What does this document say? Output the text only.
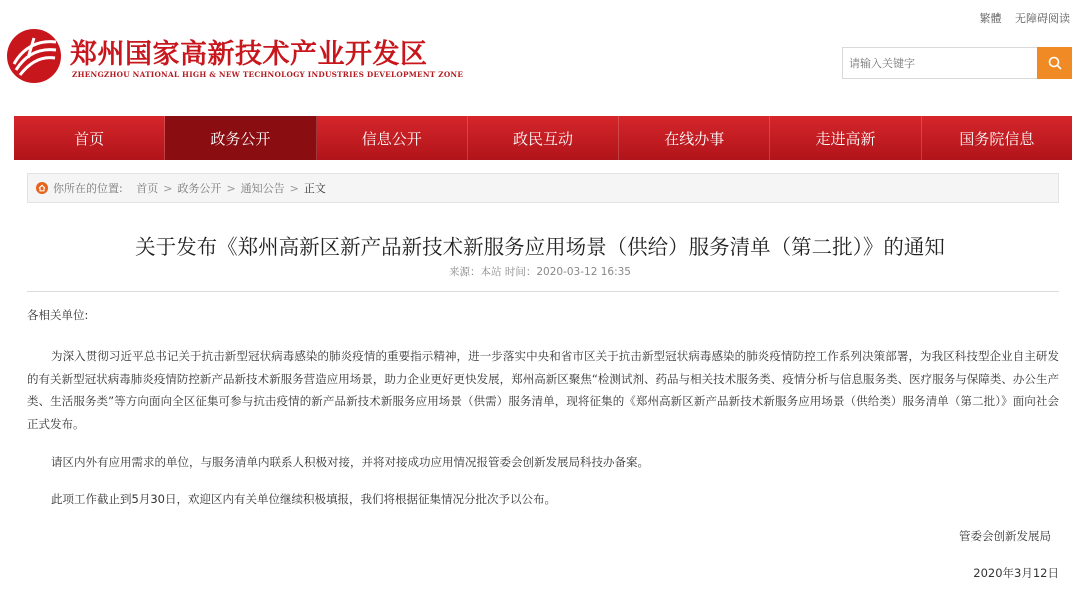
郑州国家高新技术产业开发区
ZHENGZHOU NATIONAL HIGH & NEW TECHNOLOGY INDUSTRIES DEVELOPMENT ZONE
繁體 无障碍阅读
请输入关键字
首页	政务公开	信息公开	政民互动	在线办事	走进高新	国务院信息
你所在的位置:
首页 > 政务公开 > 通知公告 > 正文
关于发布《郑州高新区新产品新技术新服务应用场景（供给）服务清单（第二批）》的通知
来源：本站 时间：2020-03-12 16:35
各相关单位:

为深入贯彻习近平总书记关于抗击新型冠状病毒感染的肺炎疫情的重要指示精神，进一步落实中央和省市区关于抗击新型冠状病毒感染的肺炎疫情防控工作系列决策部署，为我区科技型企业自主研发的有关新型冠状病毒肺炎疫情防控新产品新技术新服务营造应用场景，助力企业更好更快发展，郑州高新区聚焦“检测试剂、药品与相关技术服务类、疫情分析与信息服务类、医疗服务与保障类、办公生产类、生活服务类”等方向面向全区征集可参与抗击疫情的新产品新技术新服务应用场景（供需）服务清单，现将征集的《郑州高新区新产品新技术新服务应用场景（供给类）服务清单（第二批）》面向社会正式发布。

请区内外有应用需求的单位，与服务清单内联系人积极对接，并将对接成功应用情况报管委会创新发展局科技办备案。

此项工作截止到5月30日，欢迎区内有关单位继续积极填报，我们将根据征集情况分批次予以公布。

管委会创新发展局
2020年3月12日
